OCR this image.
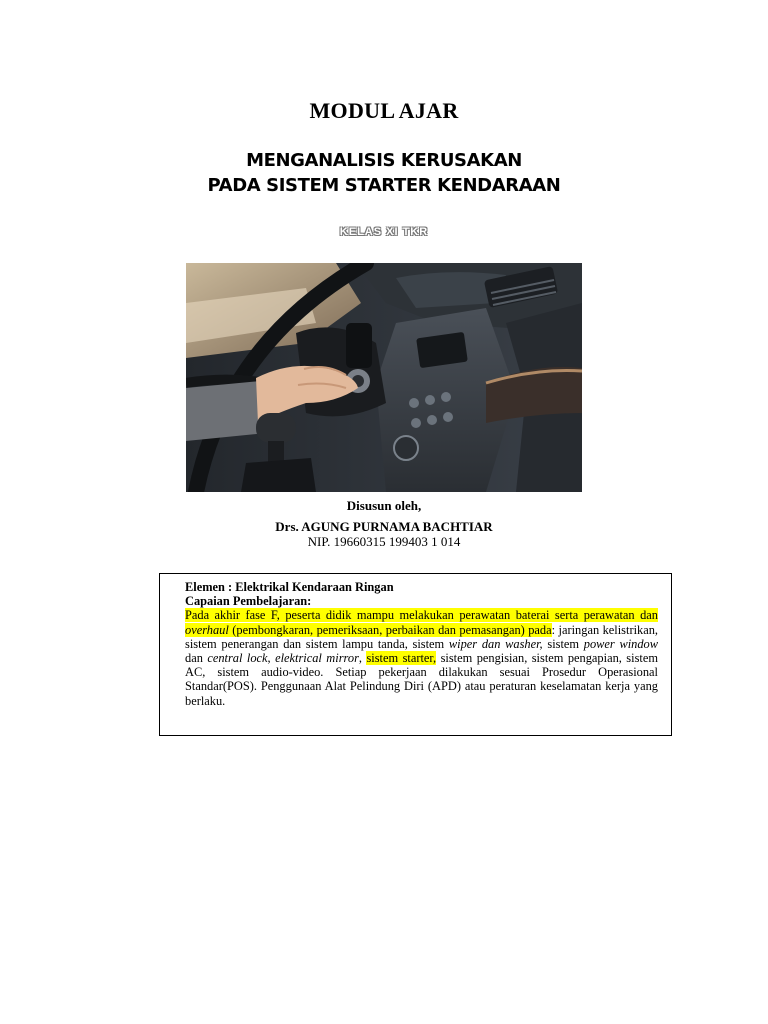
MODUL AJAR
MENGANALISIS KERUSAKAN
PADA SISTEM STARTER KENDARAAN
KELAS XI TKR
Disusun oleh,
Drs. AGUNG PURNAMA BACHTIAR
NIP. 19660315 199403 1 014
Elemen : Elektrikal Kendaraan Ringan
Capaian Pembelajaran:
Pada akhir fase F, peserta didik mampu melakukan perawatan baterai serta perawatan dan overhaul (pembongkaran, pemeriksaan, perbaikan dan pemasangan) pada: jaringan kelistrikan, sistem penerangan dan sistem lampu tanda, sistem wiper dan washer, sistem power window dan central lock, elektrical mirror, sistem starter, sistem pengisian, sistem pengapian, sistem AC, sistem audio-video. Setiap pekerjaan dilakukan sesuai Prosedur Operasional Standar(POS). Penggunaan Alat Pelindung Diri (APD) atau peraturan keselamatan kerja yang berlaku.
